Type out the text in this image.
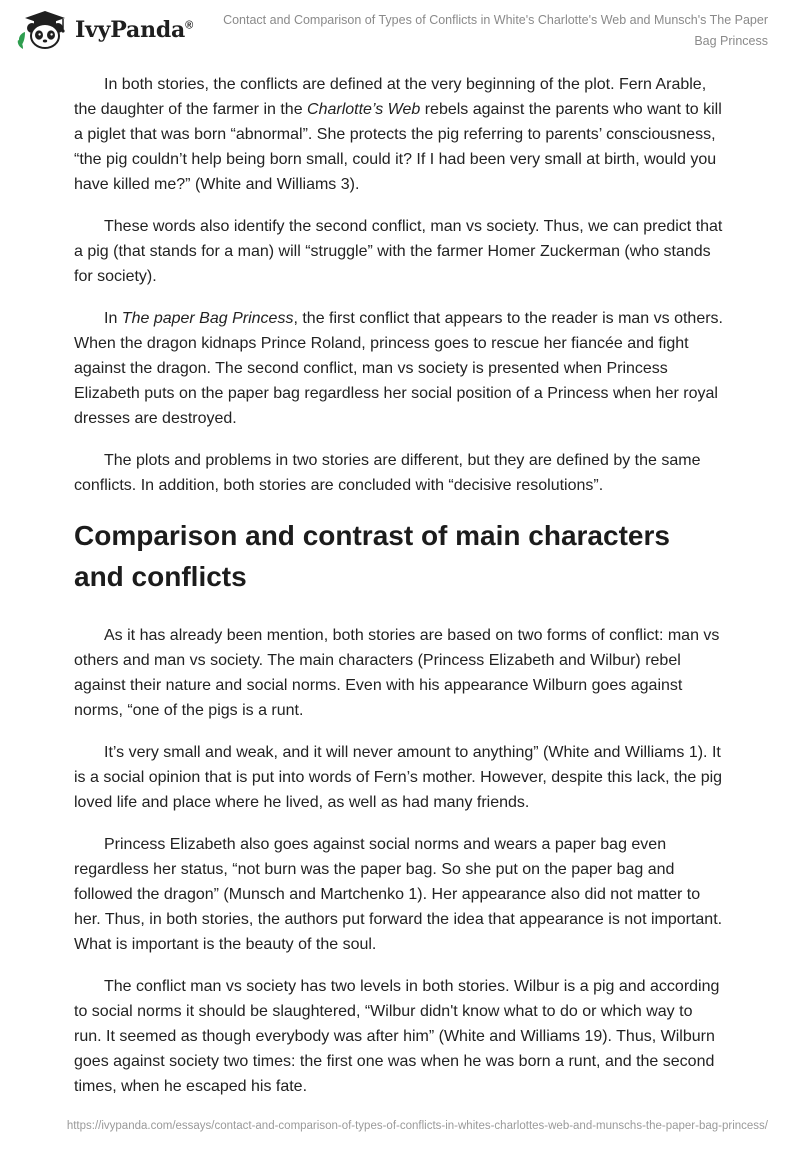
IvyPanda®	Contact and Comparison of Types of Conflicts in White's Charlotte's Web and Munsch's The Paper Bag Princess

In both stories, the conflicts are defined at the very beginning of the plot. Fern Arable, the daughter of the farmer in the Charlotte’s Web rebels against the parents who want to kill a piglet that was born “abnormal”. She protects the pig referring to parents’ consciousness, “the pig couldn’t help being born small, could it? If I had been very small at birth, would you have killed me?” (White and Williams 3).

These words also identify the second conflict, man vs society. Thus, we can predict that a pig (that stands for a man) will “struggle” with the farmer Homer Zuckerman (who stands for society).

In The paper Bag Princess, the first conflict that appears to the reader is man vs others. When the dragon kidnaps Prince Roland, princess goes to rescue her fiancée and fight against the dragon. The second conflict, man vs society is presented when Princess Elizabeth puts on the paper bag regardless her social position of a Princess when her royal dresses are destroyed.

The plots and problems in two stories are different, but they are defined by the same conflicts. In addition, both stories are concluded with “decisive resolutions”.

Comparison and contrast of main characters and conflicts

As it has already been mention, both stories are based on two forms of conflict: man vs others and man vs society. The main characters (Princess Elizabeth and Wilbur) rebel against their nature and social norms. Even with his appearance Wilburn goes against norms, “one of the pigs is a runt.

It’s very small and weak, and it will never amount to anything” (White and Williams 1). It is a social opinion that is put into words of Fern’s mother. However, despite this lack, the pig loved life and place where he lived, as well as had many friends.

Princess Elizabeth also goes against social norms and wears a paper bag even regardless her status, “not burn was the paper bag. So she put on the paper bag and followed the dragon” (Munsch and Martchenko 1). Her appearance also did not matter to her. Thus, in both stories, the authors put forward the idea that appearance is not important. What is important is the beauty of the soul.

The conflict man vs society has two levels in both stories. Wilbur is a pig and according to social norms it should be slaughtered, “Wilbur didn't know what to do or which way to run. It seemed as though everybody was after him” (White and Williams 19). Thus, Wilburn goes against society two times: the first one was when he was born a runt, and the second times, when he escaped his fate.

https://ivypanda.com/essays/contact-and-comparison-of-types-of-conflicts-in-whites-charlottes-web-and-munschs-the-paper-bag-princess/
